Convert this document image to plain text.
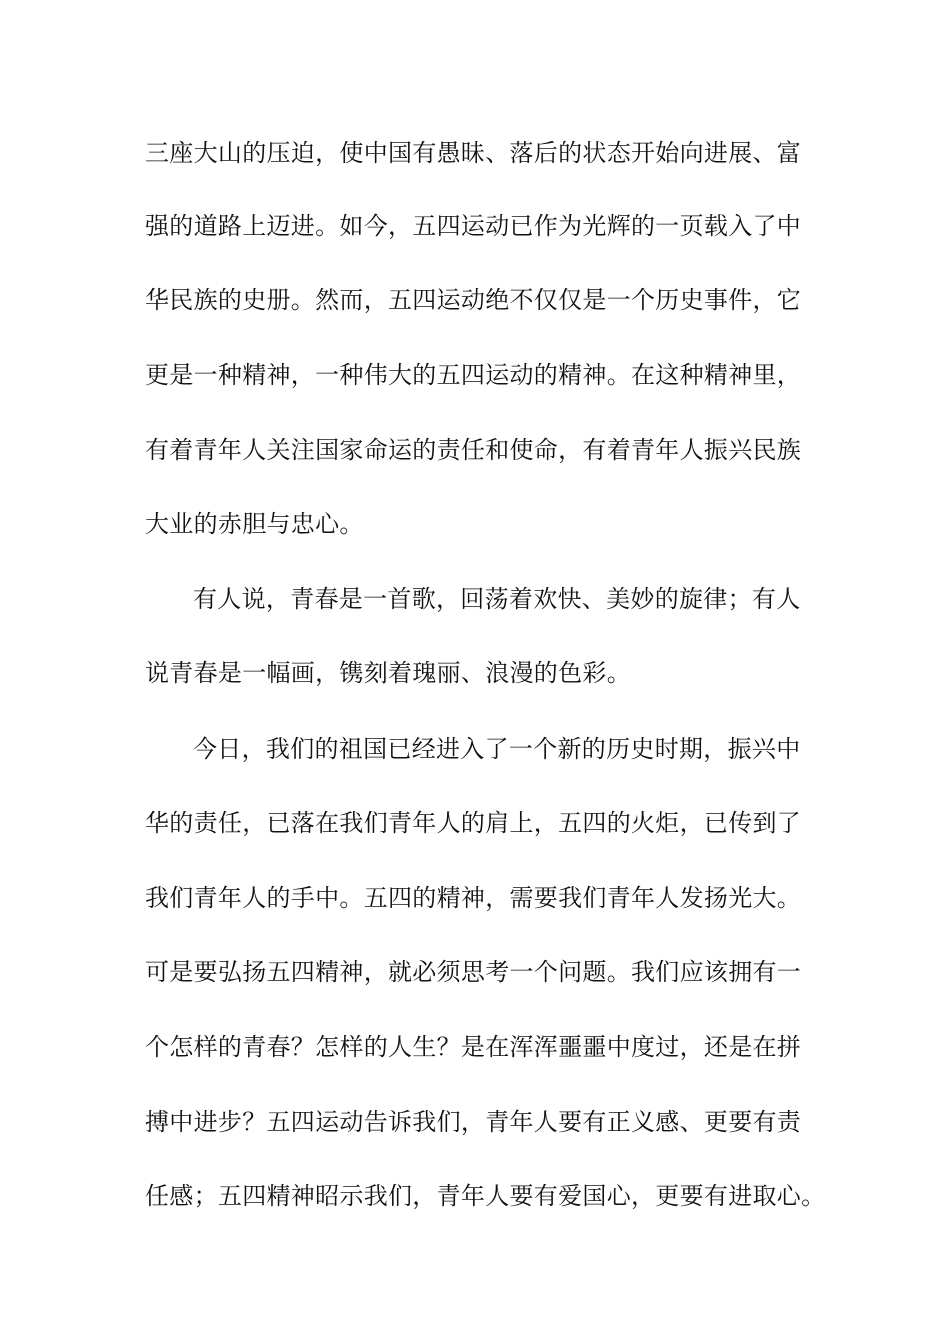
三座大山的压迫，使中国有愚昧、落后的状态开始向进展、富
强的道路上迈进。如今，五四运动已作为光辉的一页载入了中
华民族的史册。然而，五四运动绝不仅仅是一个历史事件，它
更是一种精神，一种伟大的五四运动的精神。在这种精神里，
有着青年人关注国家命运的责任和使命，有着青年人振兴民族
大业的赤胆与忠心。
有人说，青春是一首歌，回荡着欢快、美妙的旋律；有人
说青春是一幅画，镌刻着瑰丽、浪漫的色彩。
今日，我们的祖国已经进入了一个新的历史时期，振兴中
华的责任，已落在我们青年人的肩上，五四的火炬，已传到了
我们青年人的手中。五四的精神，需要我们青年人发扬光大。
可是要弘扬五四精神，就必须思考一个问题。我们应该拥有一
个怎样的青春？怎样的人生？是在浑浑噩噩中度过，还是在拼
搏中进步？五四运动告诉我们，青年人要有正义感、更要有责
任感；五四精神昭示我们，青年人要有爱国心，更要有进取心。
